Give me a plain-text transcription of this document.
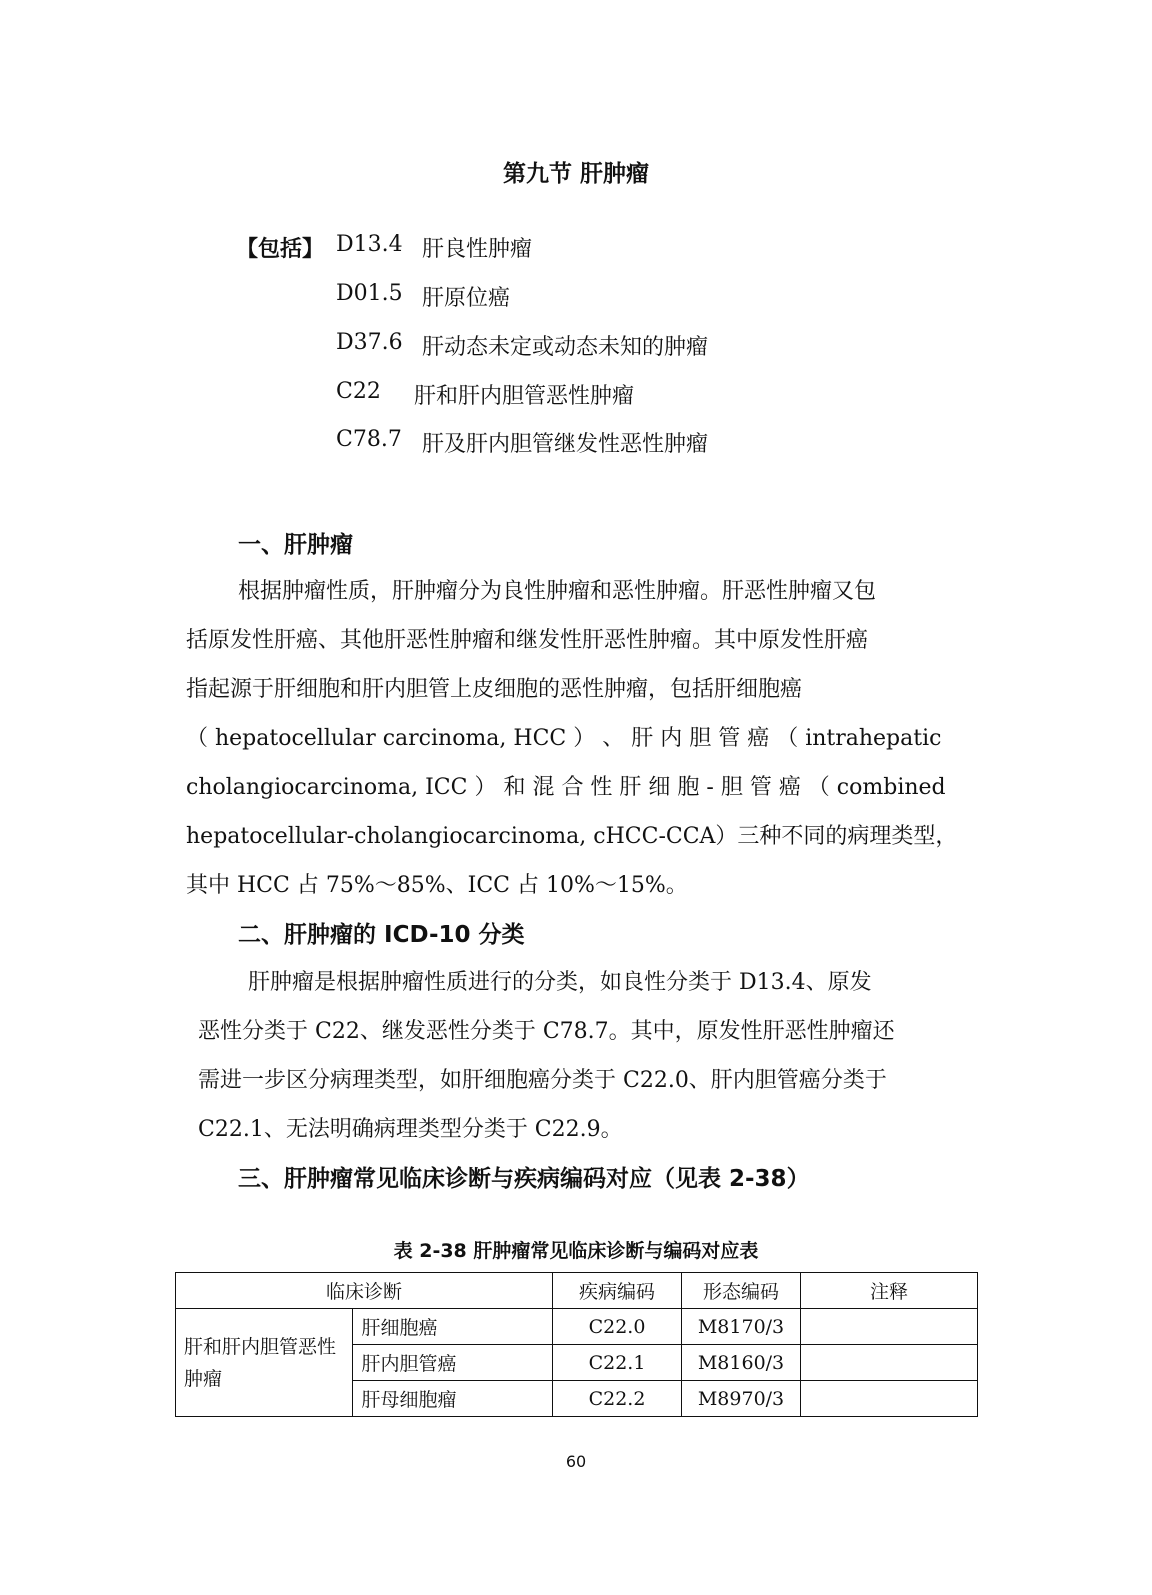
第九节 肝肿瘤
【包括】 D13.4 肝良性肿瘤
D01.5 肝原位癌
D37.6 肝动态未定或动态未知的肿瘤
C22 肝和肝内胆管恶性肿瘤
C78.7 肝及肝内胆管继发性恶性肿瘤
一、肝肿瘤
根据肿瘤性质，肝肿瘤分为良性肿瘤和恶性肿瘤。肝恶性肿瘤又包
括原发性肝癌、其他肝恶性肿瘤和继发性肝恶性肿瘤。其中原发性肝癌
指起源于肝细胞和肝内胆管上皮细胞的恶性肿瘤，包括肝细胞癌
（ hepatocellular carcinoma, HCC ） 、 肝 内 胆 管 癌 （ intrahepatic
cholangiocarcinoma, ICC ） 和 混 合 性 肝 细 胞 - 胆 管 癌 （ combined
hepatocellular-cholangiocarcinoma, cHCC-CCA）三种不同的病理类型，
其中 HCC 占 75%～85%、ICC 占 10%～15%。
二、肝肿瘤的 ICD-10 分类
肝肿瘤是根据肿瘤性质进行的分类，如良性分类于 D13.4、原发
恶性分类于 C22、继发恶性分类于 C78.7。其中，原发性肝恶性肿瘤还
需进一步区分病理类型，如肝细胞癌分类于 C22.0、肝内胆管癌分类于
C22.1、无法明确病理类型分类于 C22.9。
三、肝肿瘤常见临床诊断与疾病编码对应（见表 2-38）
表 2-38 肝肿瘤常见临床诊断与编码对应表
临床诊断		疾病编码	形态编码	注释
肝和肝内胆管恶性肿瘤	肝细胞癌	C22.0	M8170/3	
	肝内胆管癌	C22.1	M8160/3	
	肝母细胞瘤	C22.2	M8970/3	
60
